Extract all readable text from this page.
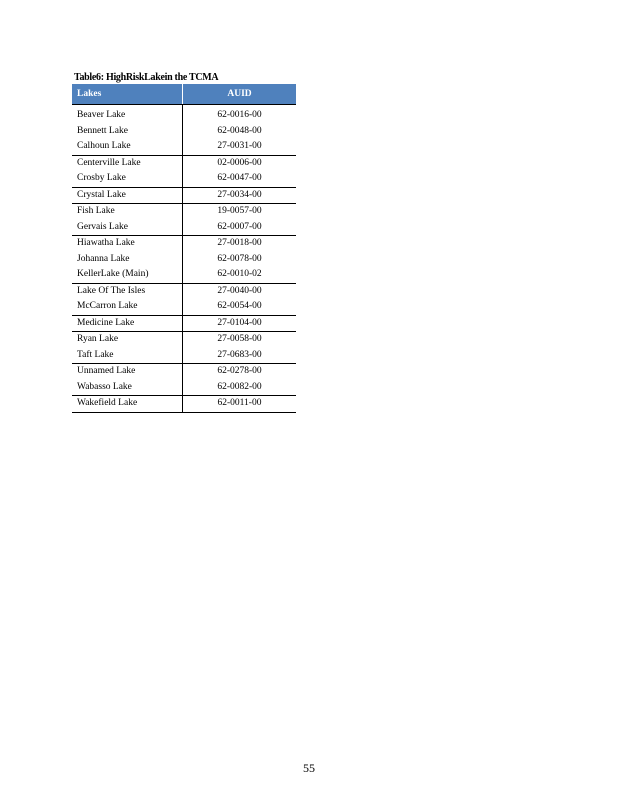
Table6: HighRiskLakein the TCMA
Lakes	AUID
Beaver Lake	62-0016-00
Bennett Lake	62-0048-00
Calhoun Lake	27-0031-00
Centerville Lake	02-0006-00
Crosby Lake	62-0047-00
Crystal Lake	27-0034-00
Fish Lake	19-0057-00
Gervais Lake	62-0007-00
Hiawatha Lake	27-0018-00
Johanna Lake	62-0078-00
KellerLake (Main)	62-0010-02
Lake Of The Isles	27-0040-00
McCarron Lake	62-0054-00
Medicine Lake	27-0104-00
Ryan Lake	27-0058-00
Taft Lake	27-0683-00
Unnamed Lake	62-0278-00
Wabasso Lake	62-0082-00
Wakefield Lake	62-0011-00
55
